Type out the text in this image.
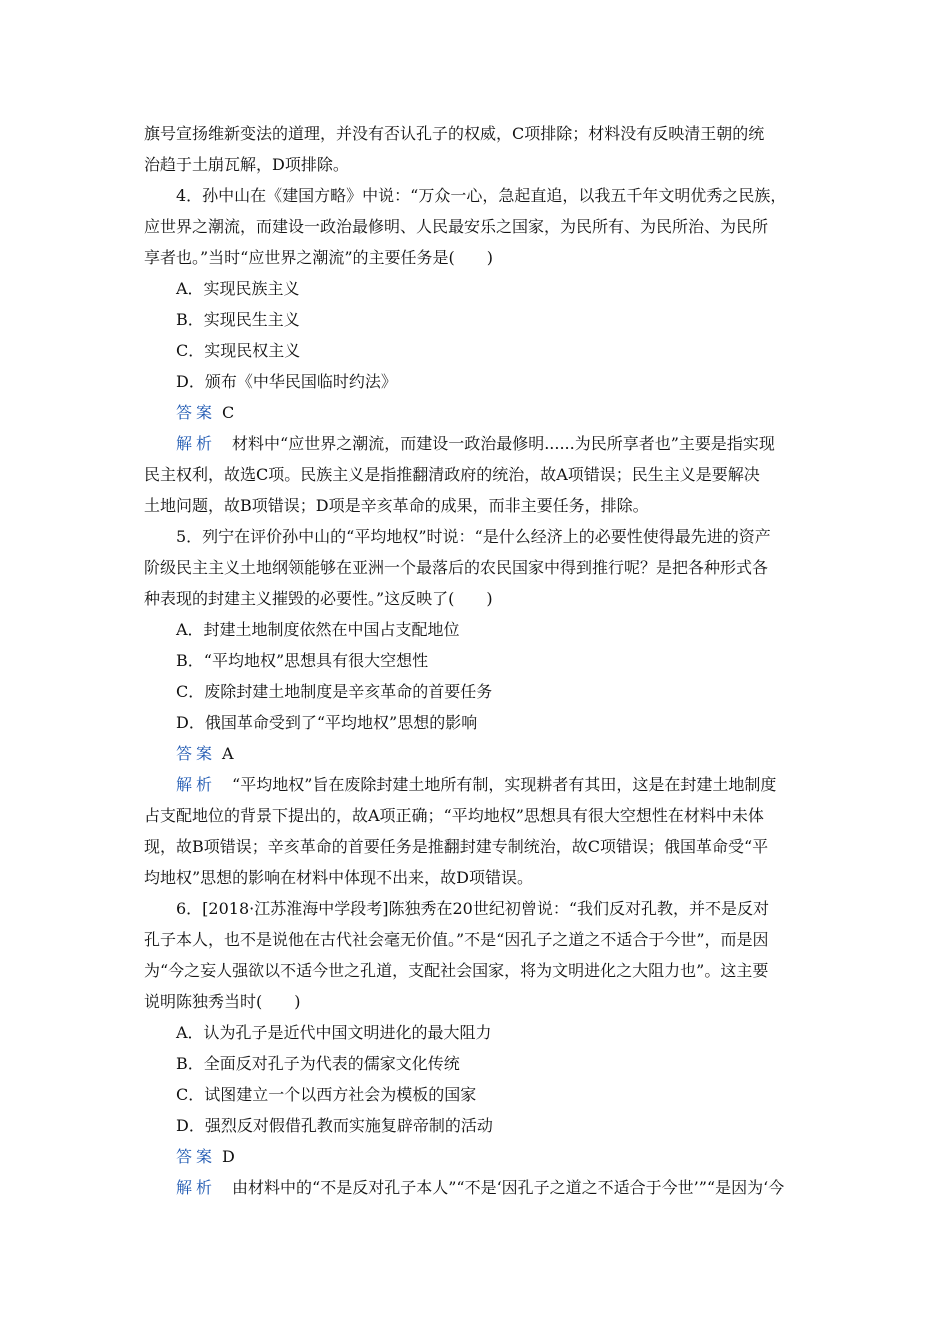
旗号宣扬维新变法的道理，并没有否认孔子的权威，C项排除；材料没有反映清王朝的统
治趋于土崩瓦解，D项排除。
4．孙中山在《建国方略》中说：“万众一心，急起直追，以我五千年文明优秀之民族，
应世界之潮流，而建设一政治最修明、人民最安乐之国家，为民所有、为民所治、为民所
享者也。”当时“应世界之潮流”的主要任务是(　　)
A．实现民族主义
B．实现民生主义
C．实现民权主义
D．颁布《中华民国临时约法》
答案 C
解析　 材料中“应世界之潮流，而建设一政治最修明......为民所享者也”主要是指实现
民主权利，故选C项。民族主义是指推翻清政府的统治，故A项错误；民生主义是要解决
土地问题，故B项错误；D项是辛亥革命的成果，而非主要任务，排除。
5．列宁在评价孙中山的“平均地权”时说：“是什么经济上的必要性使得最先进的资产
阶级民主主义土地纲领能够在亚洲一个最落后的农民国家中得到推行呢？是把各种形式各
种表现的封建主义摧毁的必要性。”这反映了(　　)
A．封建土地制度依然在中国占支配地位
B．“平均地权”思想具有很大空想性
C．废除封建土地制度是辛亥革命的首要任务
D．俄国革命受到了“平均地权”思想的影响
答案 A
解析　 “平均地权”旨在废除封建土地所有制，实现耕者有其田，这是在封建土地制度
占支配地位的背景下提出的，故A项正确；“平均地权”思想具有很大空想性在材料中未体
现，故B项错误；辛亥革命的首要任务是推翻封建专制统治，故C项错误；俄国革命受“平
均地权”思想的影响在材料中体现不出来，故D项错误。
6．[2018·江苏淮海中学段考]陈独秀在20世纪初曾说：“我们反对孔教，并不是反对
孔子本人，也不是说他在古代社会毫无价值。”不是“因孔子之道之不适合于今世”，而是因
为“今之妄人强欲以不适今世之孔道，支配社会国家，将为文明进化之大阻力也”。这主要
说明陈独秀当时(　　)
A．认为孔子是近代中国文明进化的最大阻力
B．全面反对孔子为代表的儒家文化传统
C．试图建立一个以西方社会为模板的国家
D．强烈反对假借孔教而实施复辟帝制的活动
答案 D
解析　 由材料中的“不是反对孔子本人”“不是‘因孔子之道之不适合于今世’”“是因为‘今
